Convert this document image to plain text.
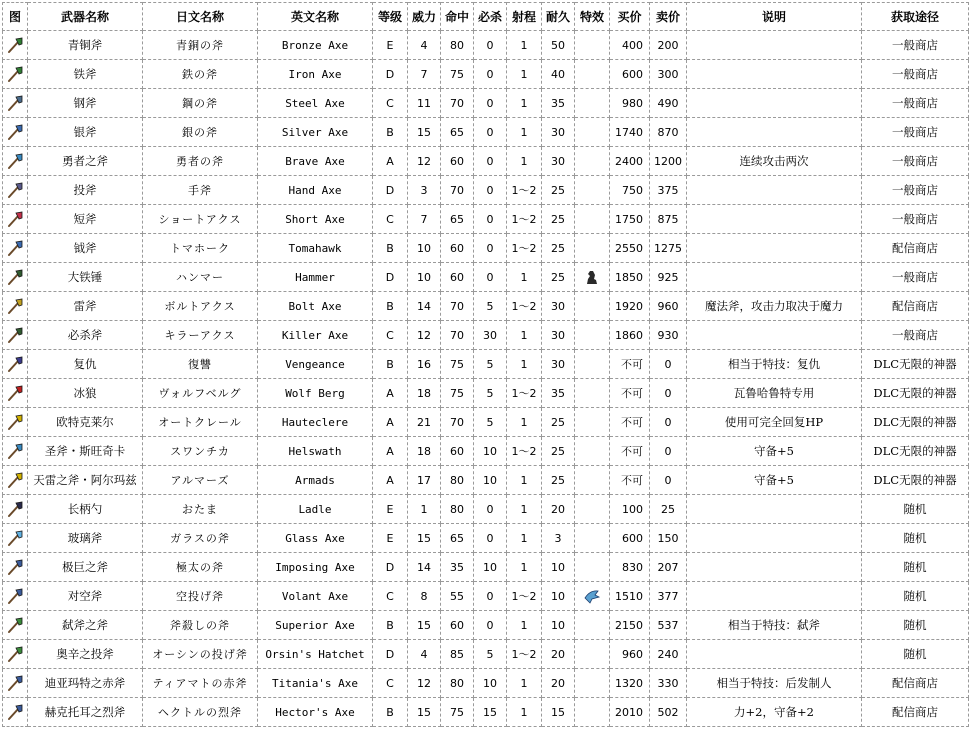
图	武器名称	日文名称	英文名称	等级	威力	命中	必杀	射程	耐久	特效	买价	卖价	说明	获取途径
	青铜斧	青銅の斧	Bronze Axe	E	4	80	0	1	50		400	200		一般商店
	铁斧	鉄の斧	Iron Axe	D	7	75	0	1	40		600	300		一般商店
	钢斧	鋼の斧	Steel Axe	C	11	70	0	1	35		980	490		一般商店
	银斧	銀の斧	Silver Axe	B	15	65	0	1	30		1740	870		一般商店
	勇者之斧	勇者の斧	Brave Axe	A	12	60	0	1	30		2400	1200	连续攻击两次	一般商店
	投斧	手斧	Hand Axe	D	3	70	0	1～2	25		750	375		一般商店
	短斧	ショートアクス	Short Axe	C	7	65	0	1～2	25		1750	875		一般商店
	钺斧	トマホーク	Tomahawk	B	10	60	0	1～2	25		2550	1275		配信商店
	大铁锤	ハンマー	Hammer	D	10	60	0	1	25		1850	925		一般商店
	雷斧	ボルトアクス	Bolt Axe	B	14	70	5	1～2	30		1920	960	魔法斧，攻击力取决于魔力	配信商店
	必杀斧	キラーアクス	Killer Axe	C	12	70	30	1	30		1860	930		一般商店
	复仇	復讐	Vengeance	B	16	75	5	1	30		不可	0	相当于特技：复仇	DLC无限的神器
	冰狼	ヴォルフベルグ	Wolf Berg	A	18	75	5	1～2	35		不可	0	瓦鲁哈鲁特专用	DLC无限的神器
	欧特克莱尔	オートクレール	Hauteclere	A	21	70	5	1	25		不可	0	使用可完全回复HP	DLC无限的神器
	圣斧・斯旺奇卡	スワンチカ	Helswath	A	18	60	10	1～2	25		不可	0	守备+5	DLC无限的神器
	天雷之斧・阿尔玛兹	アルマーズ	Armads	A	17	80	10	1	25		不可	0	守备+5	DLC无限的神器
	长柄勺	おたま	Ladle	E	1	80	0	1	20		100	25		随机
	玻璃斧	ガラスの斧	Glass Axe	E	15	65	0	1	3		600	150		随机
	极巨之斧	極太の斧	Imposing Axe	D	14	35	10	1	10		830	207		随机
	对空斧	空投げ斧	Volant Axe	C	8	55	0	1～2	10		1510	377		随机
	弑斧之斧	斧殺しの斧	Superior Axe	B	15	60	0	1	10		2150	537	相当于特技：弑斧	随机
	奥辛之投斧	オーシンの投げ斧	Orsin's Hatchet	D	4	85	5	1～2	20		960	240		随机
	迪亚玛特之赤斧	ティアマトの赤斧	Titania's Axe	C	12	80	10	1	20		1320	330	相当于特技：后发制人	配信商店
	赫克托耳之烈斧	ヘクトルの烈斧	Hector's Axe	B	15	75	15	1	15		2010	502	力+2，守备+2	配信商店
